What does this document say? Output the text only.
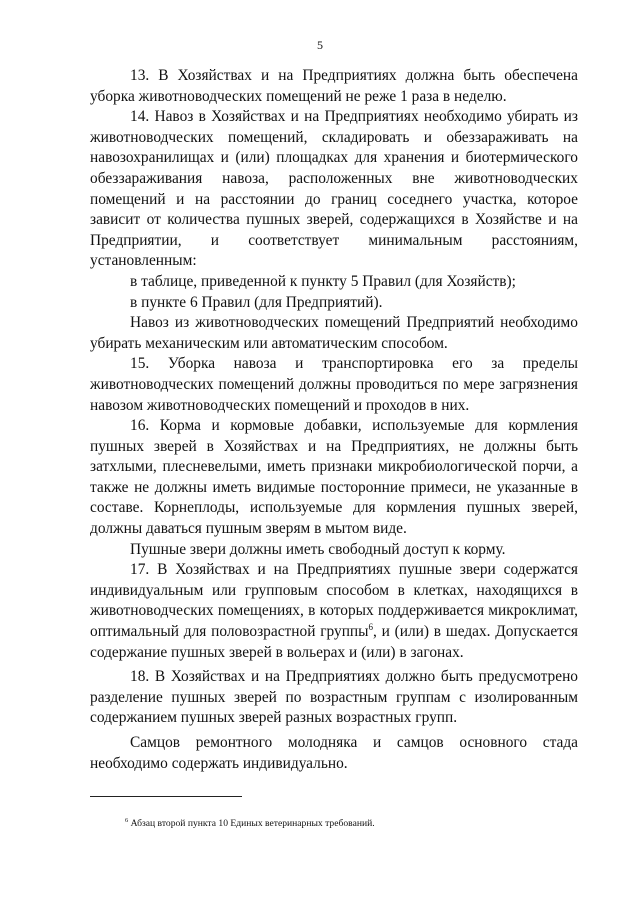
5

13. В Хозяйствах и на Предприятиях должна быть обеспечена уборка животноводческих помещений не реже 1 раза в неделю.

14. Навоз в Хозяйствах и на Предприятиях необходимо убирать из животноводческих помещений, складировать и обеззараживать на навозохранилищах и (или) площадках для хранения и биотермического обеззараживания навоза, расположенных вне животноводческих помещений и на расстоянии до границ соседнего участка, которое зависит от количества пушных зверей, содержащихся в Хозяйстве и на Предприятии, и соответствует минимальным расстояниям, установленным:

в таблице, приведенной к пункту 5 Правил (для Хозяйств);

в пункте 6 Правил (для Предприятий).

Навоз из животноводческих помещений Предприятий необходимо убирать механическим или автоматическим способом.

15. Уборка навоза и транспортировка его за пределы животноводческих помещений должны проводиться по мере загрязнения навозом животноводческих помещений и проходов в них.

16. Корма и кормовые добавки, используемые для кормления пушных зверей в Хозяйствах и на Предприятиях, не должны быть затхлыми, плесневелыми, иметь признаки микробиологической порчи, а также не должны иметь видимые посторонние примеси, не указанные в составе. Корнеплоды, используемые для кормления пушных зверей, должны даваться пушным зверям в мытом виде.

Пушные звери должны иметь свободный доступ к корму.

17. В Хозяйствах и на Предприятиях пушные звери содержатся индивидуальным или групповым способом в клетках, находящихся в животноводческих помещениях, в которых поддерживается микроклимат, оптимальный для половозрастной группы$^6$, и (или) в шедах. Допускается содержание пушных зверей в вольерах и (или) в загонах.

18. В Хозяйствах и на Предприятиях должно быть предусмотрено разделение пушных зверей по возрастным группам с изолированным содержанием пушных зверей разных возрастных групп.

Самцов ремонтного молодняка и самцов основного стада необходимо содержать индивидуально.

$^6$ Абзац второй пункта 10 Единых ветеринарных требований.
